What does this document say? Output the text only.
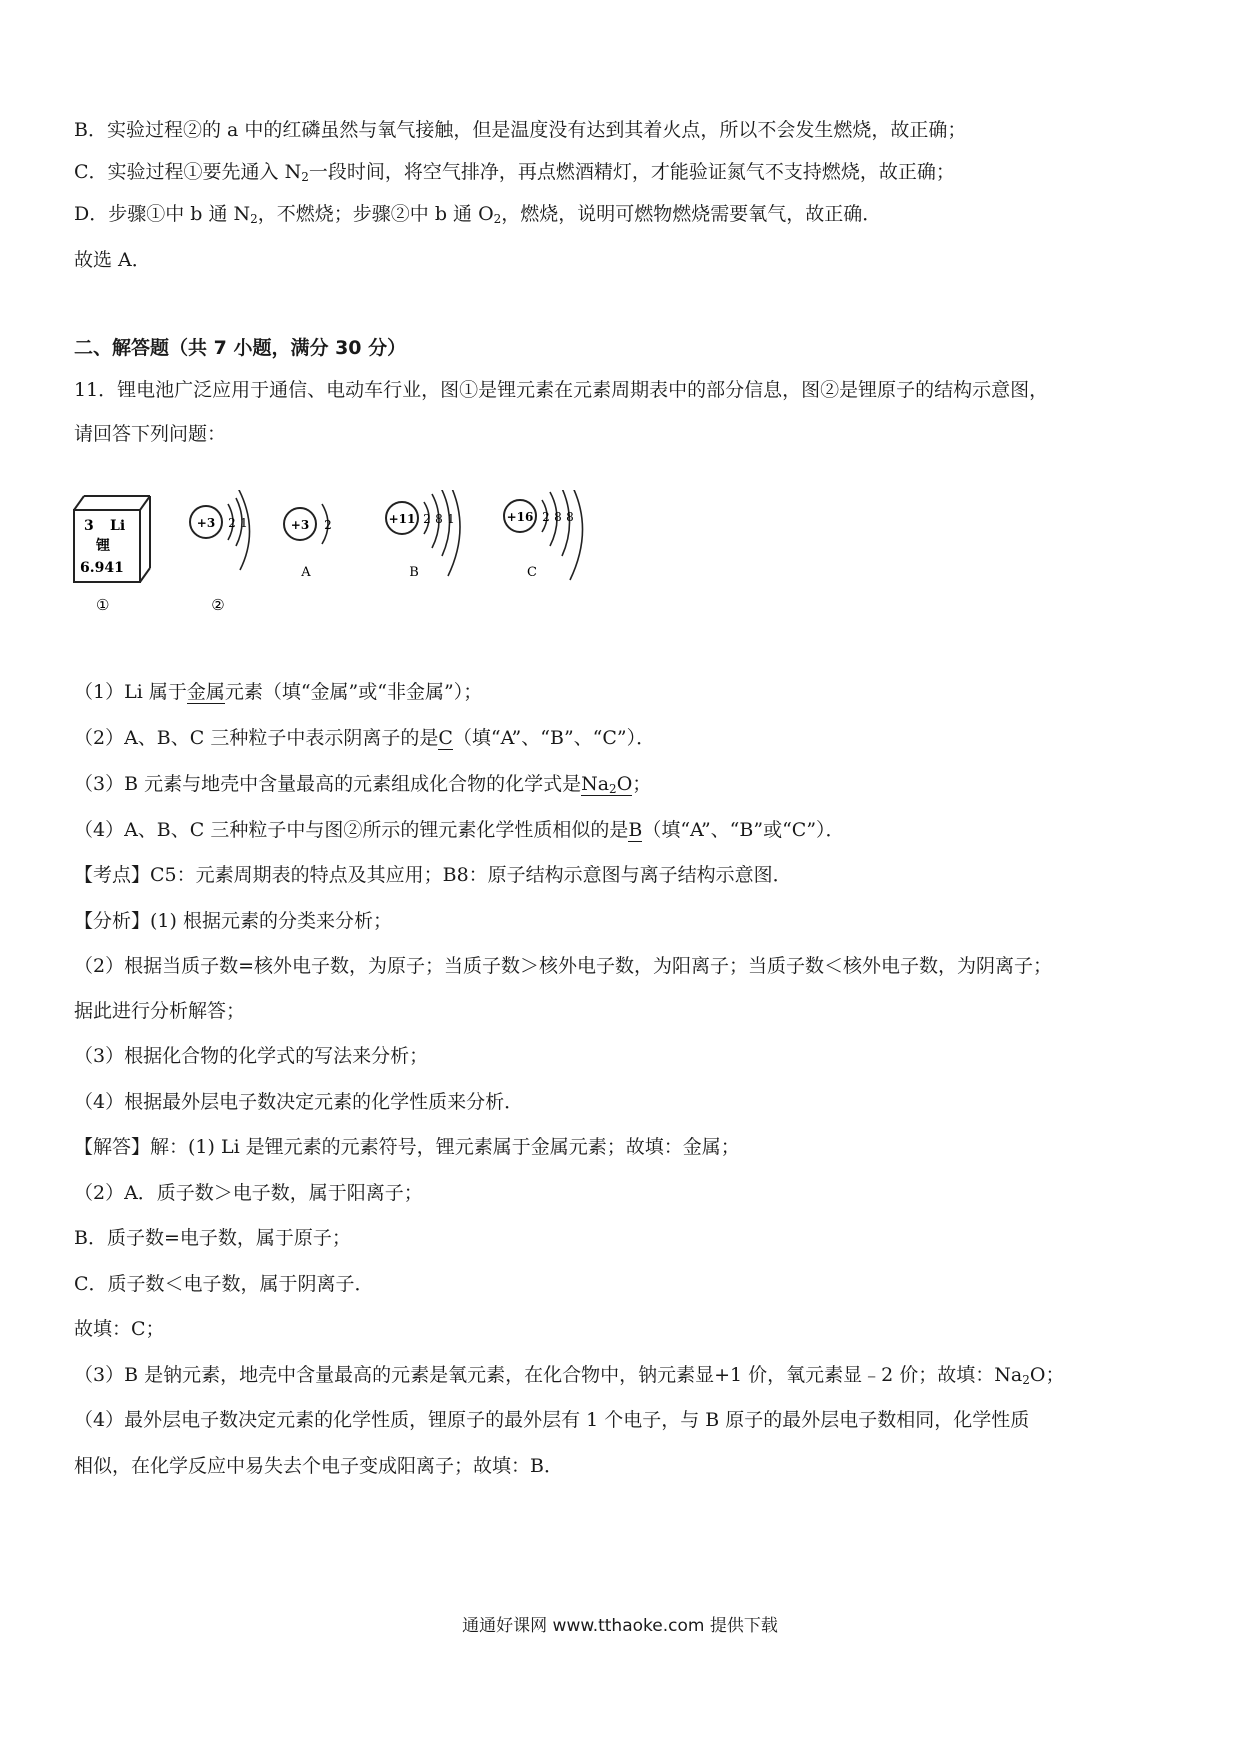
B．实验过程②的 a 中的红磷虽然与氧气接触，但是温度没有达到其着火点，所以不会发生燃烧，故正确；
C．实验过程①要先通入 $N_2$一段时间，将空气排净，再点燃酒精灯，才能验证氮气不支持燃烧，故正确；
D．步骤①中 b 通 $N_2$，不燃烧；步骤②中 b 通 $O_2$，燃烧，说明可燃物燃烧需要氧气，故正确．
故选 A．
二、解答题（共 7 小题，满分 30 分）
11．锂电池广泛应用于通信、电动车行业，图①是锂元素在元素周期表中的部分信息，图②是锂原子的结构示意图，
请回答下列问题：
3 Li
锂
6.941
①
+3 2 1
②
+3 2
A
+11 2 8 1
B
+16 2 8 8
C
（1）Li 属于金属元素（填“金属”或“非金属”）；
（2）A、B、C 三种粒子中表示阴离子的是C（填“A”、“B”、“C”）．
（3）B 元素与地壳中含量最高的元素组成化合物的化学式是$Na_2O$；
（4）A、B、C 三种粒子中与图②所示的锂元素化学性质相似的是B（填“A”、“B”或“C”）．
【考点】C5：元素周期表的特点及其应用；B8：原子结构示意图与离子结构示意图．
【分析】(1) 根据元素的分类来分析；
（2）根据当质子数=核外电子数，为原子；当质子数＞核外电子数，为阳离子；当质子数＜核外电子数，为阴离子；
据此进行分析解答；
（3）根据化合物的化学式的写法来分析；
（4）根据最外层电子数决定元素的化学性质来分析．
【解答】解：(1) Li 是锂元素的元素符号，锂元素属于金属元素；故填：金属；
（2）A．质子数＞电子数，属于阳离子；
B．质子数=电子数，属于原子；
C．质子数＜电子数，属于阴离子．
故填：C；
（3）B 是钠元素，地壳中含量最高的元素是氧元素，在化合物中，钠元素显+1 价，氧元素显﹣2 价；故填：$Na_2O$；
（4）最外层电子数决定元素的化学性质，锂原子的最外层有 1 个电子，与 B 原子的最外层电子数相同，化学性质
相似，在化学反应中易失去个电子变成阳离子；故填：B．
通通好课网 www.tthaoke.com 提供下载
